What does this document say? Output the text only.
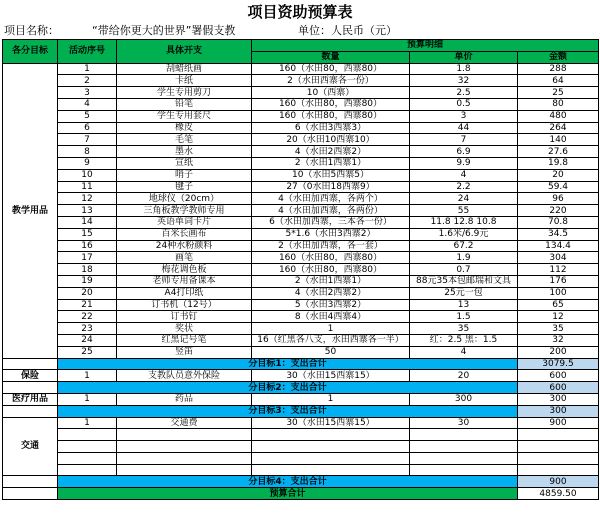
项目资助预算表
项目名称：	“带给你更大的世界”署假支教	单位：人民币（元）
各分目标	活动序号	具体开支	预算明细		
			数量	单价	金额
教学用品	1	刮蜡纸画	160（水田80，西寨80）	1.8	288
	2	卡纸	2（水田西寨各一份）	32	64
	3	学生专用剪刀	10（西寨）	2.5	25
	4	铅笔	160（水田80，西寨80）	0.5	80
	5	学生专用套尺	160（水田80，西寨80）	3	480
	6	橡皮	6（水田3西寨3）	44	264
	7	毛笔	20（水田10西寨10）	7	140
	8	墨水	4（水田2西寨2）	6.9	27.6
	9	宣纸	2（水田1西寨1）	9.9	19.8
	10	哨子	10（水田5西寨5）	4	20
	11	毽子	27（0水田18西寨9）	2.2	59.4
	12	地球仪（20cm）	4（水田加西寨，各两个）	24	96
	13	三角板教学教师专用	4（水田加西寨，各两份）	55	220
	14	英语单词卡片	6（水田加西寨，三本各一份）	11.8 12.8 10.8	70.8
	15	百米长画布	5*1.6（水田3西寨2）	1.6米/6.9元	34.5
	16	24种水粉颜料	2（水田加西寨，各一套）	67.2	134.4
	17	画笔	160（水田80，西寨80）	1.9	304
	18	梅花调色板	160（水田80，西寨80）	0.7	112
	19	老师专用备课本	2（水田1西寨1）	88元35本包邮瑞和文具	176
	20	A4打印纸	4（水田2西寨2）	25元一包	100
	21	订书机（12号）	5（水田3西寨2）	13	65
	22	订书钉	8（水田4西寨4）	1.5	12
	23	奖状	1	35	35
	24	红黑记号笔	16（红黑各八支，水田西寨各一半）	红：2.5 黑：1.5	32
	25	竖笛	50	4	200
	分目标1：支出合计				3079.5
保险	1	支教队员意外保险	30（水田15西寨15）	20	600
	分目标2：支出合计				600
医疗用品	1	药品	1	300	300
	分目标3：支出合计				300
交通	1	交通费	30（水田15西寨15）	30	900

	分目标4：支出合计				900
	预算合计				4859.50
